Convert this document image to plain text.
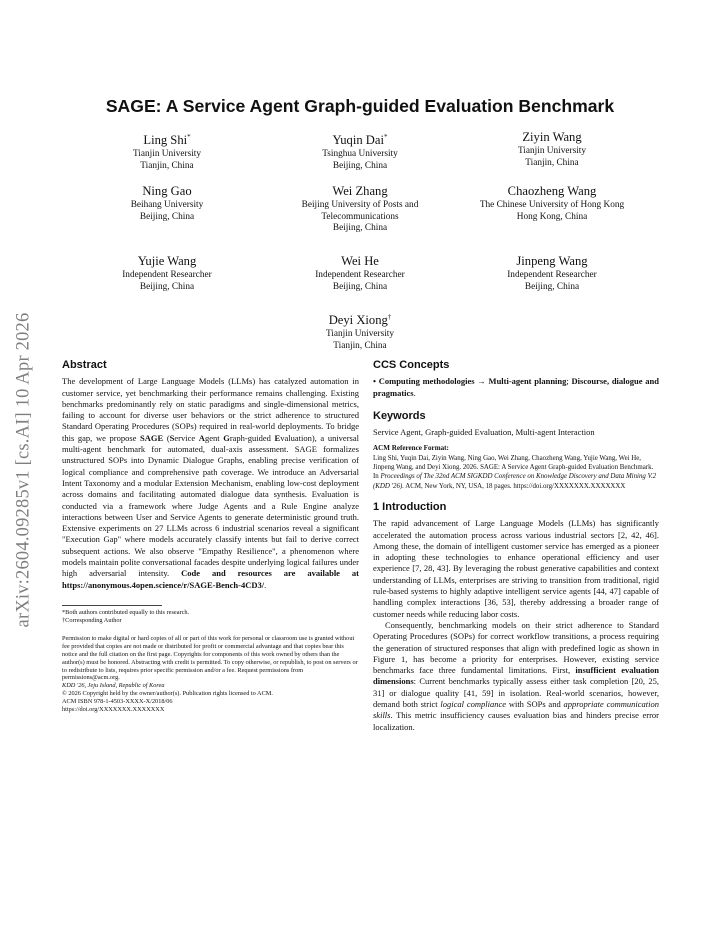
arXiv:2604.09285v1 [cs.AI] 10 Apr 2026
SAGE: A Service Agent Graph-guided Evaluation Benchmark
Ling Shi*
Tianjin University
Tianjin, China
Yuqin Dai*
Tsinghua University
Beijing, China
Ziyin Wang
Tianjin University
Tianjin, China
Ning Gao
Beihang University
Beijing, China
Wei Zhang
Beijing University of Posts and
Telecommunications
Beijing, China
Chaozheng Wang
The Chinese University of Hong Kong
Hong Kong, China
Yujie Wang
Independent Researcher
Beijing, China
Wei He
Independent Researcher
Beijing, China
Jinpeng Wang
Independent Researcher
Beijing, China
Deyi Xiong†
Tianjin University
Tianjin, China
Abstract

The development of Large Language Models (LLMs) has catalyzed automation in customer service, yet benchmarking their performance remains challenging. Existing benchmarks predominantly rely on static paradigms and single-dimensional metrics, failing to account for diverse user behaviors or the strict adherence to structured Standard Operating Procedures (SOPs) required in real-world deployments. To bridge this gap, we propose SAGE (Service Agent Graph-guided Evaluation), a universal multi-agent benchmark for automated, dual-axis assessment. SAGE formalizes unstructured SOPs into Dynamic Dialogue Graphs, enabling precise verification of logical compliance and comprehensive path coverage. We introduce an Adversarial Intent Taxonomy and a modular Extension Mechanism, enabling low-cost deployment across domains and facilitating automated dialogue data synthesis. Evaluation is conducted via a framework where Judge Agents and a Rule Engine analyze interactions between User and Service Agents to generate deterministic ground truth. Extensive experiments on 27 LLMs across 6 industrial scenarios reveal a significant "Execution Gap" where models accurately classify intents but fail to derive correct subsequent actions. We also observe "Empathy Resilience", a phenomenon where models maintain polite conversational facades despite underlying logical failures under high adversarial intensity. Code and resources are available at https://anonymous.4open.science/r/SAGE-Bench-4CD3/.

*Both authors contributed equally to this research.
†Corresponding Author
Permission to make digital or hard copies of all or part of this work for personal or classroom use is granted without fee provided that copies are not made or distributed for profit or commercial advantage and that copies bear this notice and the full citation on the first page. Copyrights for components of this work owned by others than the author(s) must be honored. Abstracting with credit is permitted. To copy otherwise, or republish, to post on servers or to redistribute to lists, requires prior specific permission and/or a fee. Request permissions from permissions@acm.org.
KDD '26, Jeju Island, Republic of Korea
© 2026 Copyright held by the owner/author(s). Publication rights licensed to ACM.
ACM ISBN 978-1-4503-XXXX-X/2018/06
https://doi.org/XXXXXXX.XXXXXXX
CCS Concepts

• Computing methodologies → Multi-agent planning; Discourse, dialogue and pragmatics.

Keywords

Service Agent, Graph-guided Evaluation, Multi-agent Interaction

ACM Reference Format:
Ling Shi, Yuqin Dai, Ziyin Wang, Ning Gao, Wei Zhang, Chaozheng Wang, Yujie Wang, Wei He, Jinpeng Wang, and Deyi Xiong. 2026. SAGE: A Service Agent Graph-guided Evaluation Benchmark. In Proceedings of The 32nd ACM SIGKDD Conference on Knowledge Discovery and Data Mining V.2 (KDD '26). ACM, New York, NY, USA, 18 pages. https://doi.org/XXXXXXX.XXXXXXX
1 Introduction

The rapid advancement of Large Language Models (LLMs) has significantly accelerated the automation process across various industrial sectors [2, 42, 46]. Among these, the domain of intelligent customer service has emerged as a pioneer in adopting these technologies to enhance operational efficiency and user experience [7, 28, 43]. By leveraging the robust generative capabilities and context understanding of LLMs, enterprises are striving to transition from traditional, rigid rule-based systems to highly adaptive intelligent service agents [44, 47] capable of handling complex interactions [36, 53], thereby addressing a broader range of customer needs while reducing labor costs.

Consequently, benchmarking models on their strict adherence to Standard Operating Procedures (SOPs) for correct workflow transitions, a process requiring the generation of structured responses that align with predefined logic as shown in Figure 1, has become a priority for enterprises. However, existing service benchmarks face three fundamental limitations. First, insufficient evaluation dimensions: Current benchmarks typically assess either task completion [20, 25, 31] or dialogue quality [41, 59] in isolation. Real-world scenarios, however, demand both strict logical compliance with SOPs and appropriate communication skills. This metric insufficiency causes evaluation bias and hinders precise error localization.
